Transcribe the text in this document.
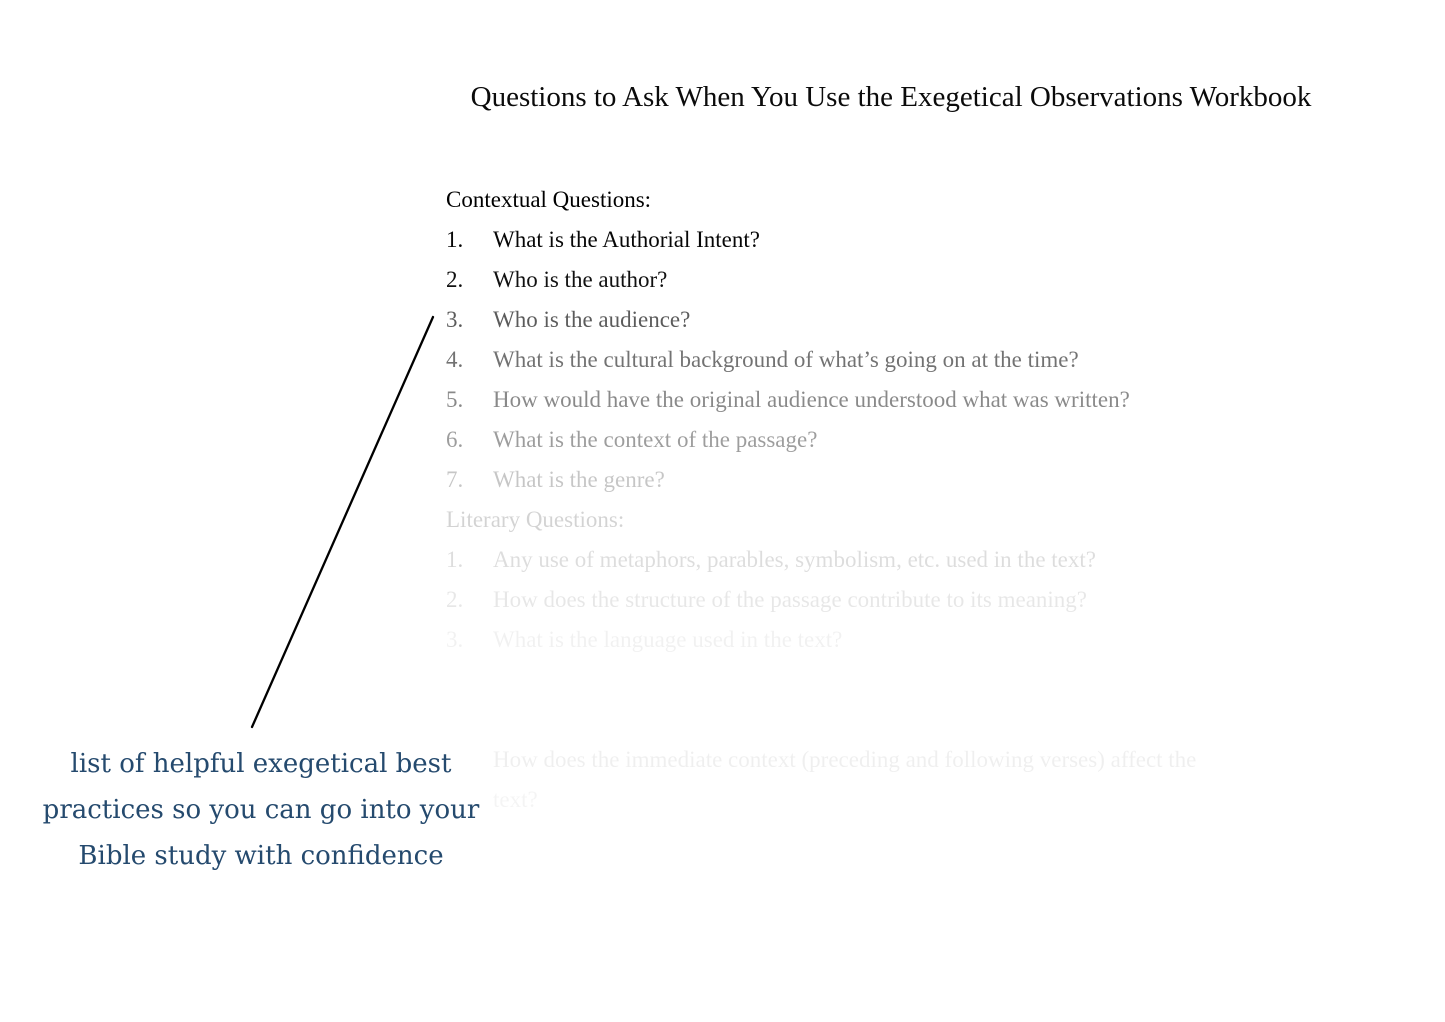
Questions to Ask When You Use the Exegetical Observations Workbook
Contextual Questions:
1. What is the Authorial Intent?
2. Who is the author?
3. Who is the audience?
4. What is the cultural background of what’s going on at the time?
5. How would have the original audience understood what was written?
6. What is the context of the passage?
7. What is the genre?
Literary Questions:
1. Any use of metaphors, parables, symbolism, etc. used in the text?
2. How does the structure of the passage contribute to its meaning?
3. What is the language used in the text?
How does the immediate context (preceding and following verses) affect the
list of helpful exegetical best
practices so you can go into your
Bible study with confidence
